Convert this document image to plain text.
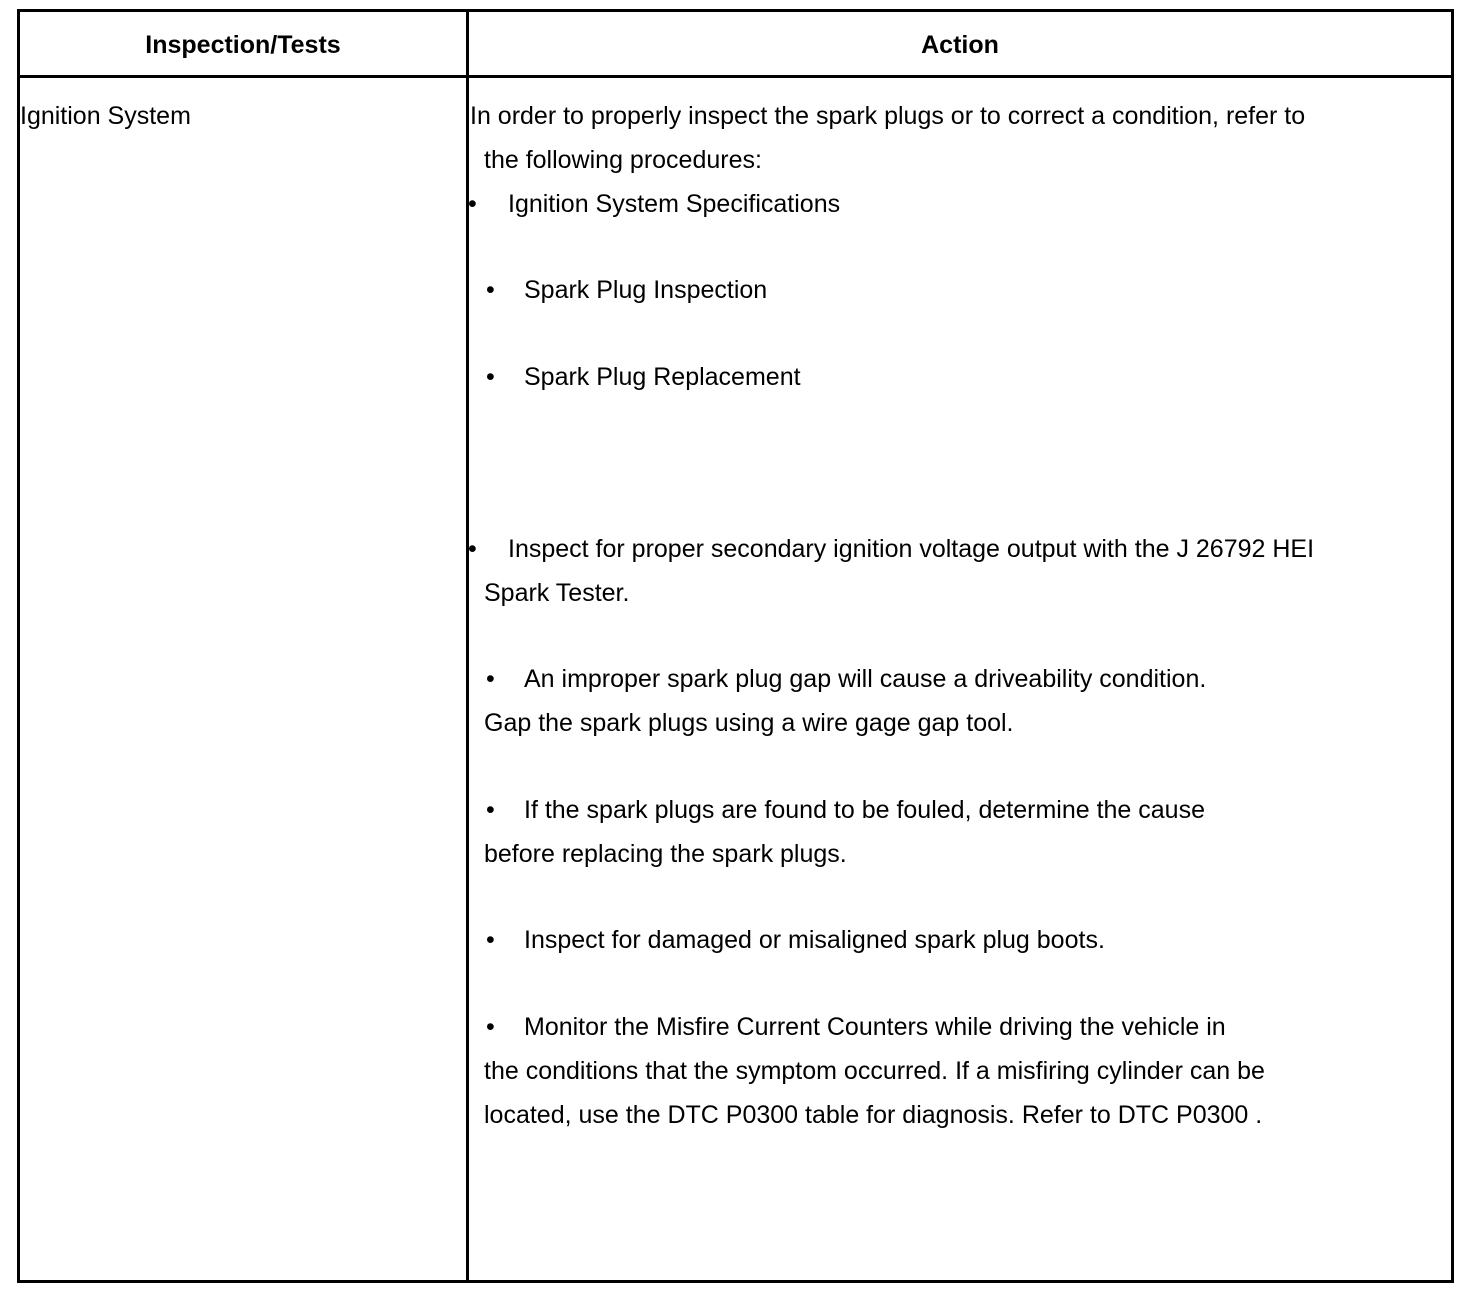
Inspection/Tests	Action
Ignition System	In order to properly inspect the spark plugs or to correct a condition, refer to
the following procedures:
• Ignition System Specifications
• Spark Plug Inspection
• Spark Plug Replacement
• Inspect for proper secondary ignition voltage output with the J 26792 HEI
Spark Tester.
• An improper spark plug gap will cause a driveability condition.
Gap the spark plugs using a wire gage gap tool.
• If the spark plugs are found to be fouled, determine the cause
before replacing the spark plugs.
• Inspect for damaged or misaligned spark plug boots.
• Monitor the Misfire Current Counters while driving the vehicle in
the conditions that the symptom occurred. If a misfiring cylinder can be
located, use the DTC P0300 table for diagnosis. Refer to DTC P0300 .
